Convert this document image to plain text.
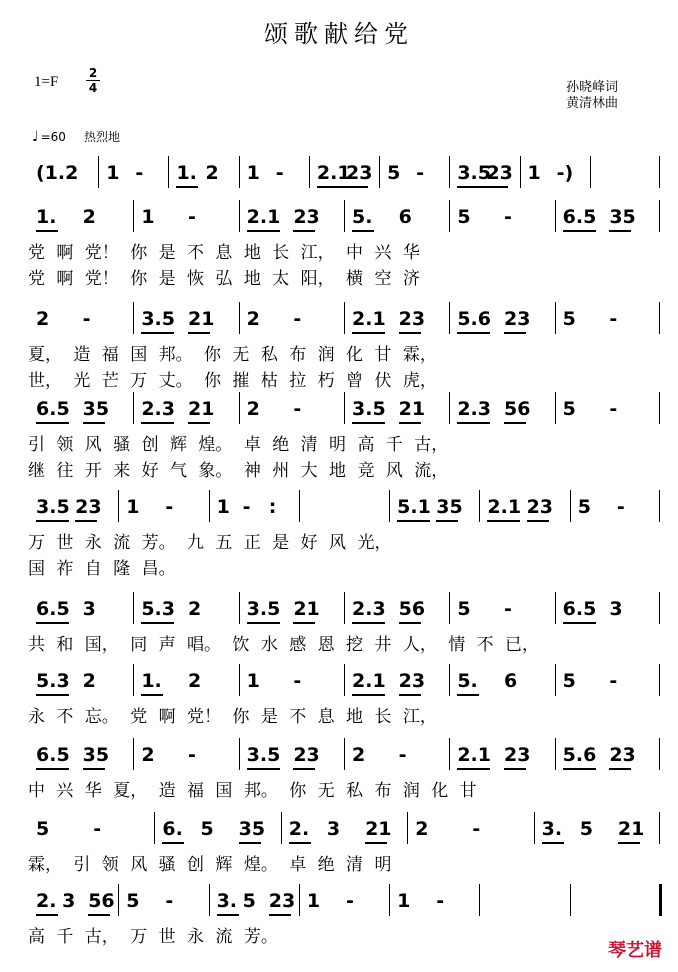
颂歌献给党
1=F
2
4	孙晓峰词
黄清林曲
♩ =60 热烈地
(1. 2 1 - 1. 2 1 - 2.1
23 5 - 3.5
23 1 -)
1. 2 1 -	2.1 23 5. 6 5 -	6.5 35
党 啊 党！ 你 是 不 息 地 长 江， 中 兴 华
党 啊 党！ 你 是 恢 弘 地 太 阳， 横 空 济
2 -	3.5 21 2 -	2.1 23 5.6 23 5 -
夏， 造 福 国 邦。 你 无 私 布 润 化 甘 霖，
世， 光 芒 万 丈。 你 摧 枯 拉 朽 曾 伏 虎，
6.5 35 2.3 21 2 -	3.5 21 2.3 56 5 -
引 领 风 骚 创 辉 煌。 卓 绝 清 明 高 千 古，
继 往 开 来 好 气 象。 神 州 大 地 竞 风 流，
3.5 23 1 - 1 - :	5.1 35 2.1 23 5 -
万 世 永 流 芳。 九 五 正 是 好 风 光，
国 祚 自 隆 昌。
6.5 3 5.3 2 3.5 21 2.3 56 5 -	6.5 3
共 和 国， 同 声 唱。 饮 水 感 恩 挖 井 人， 情 不 已，
5.3 2 1. 2 1 -	2.1 23 5. 6 5 -
永 不 忘。 党 啊 党！ 你 是 不 息 地 长 江，
6.5 35 2 -	3.5 23 2 -	2.1 23 5.6 23
中 兴 华 夏， 造 福 国 邦。 你 无 私 布 润 化 甘
5 -	6. 5 35 2. 3 21 2 -	3. 5 21
霖， 引 领 风 骚 创 辉 煌。 卓 绝 清 明
2. 3 56 5 - 3. 5 23 1 - 1 -
高 千 古， 万 世 永 流 芳。
琴艺谱
